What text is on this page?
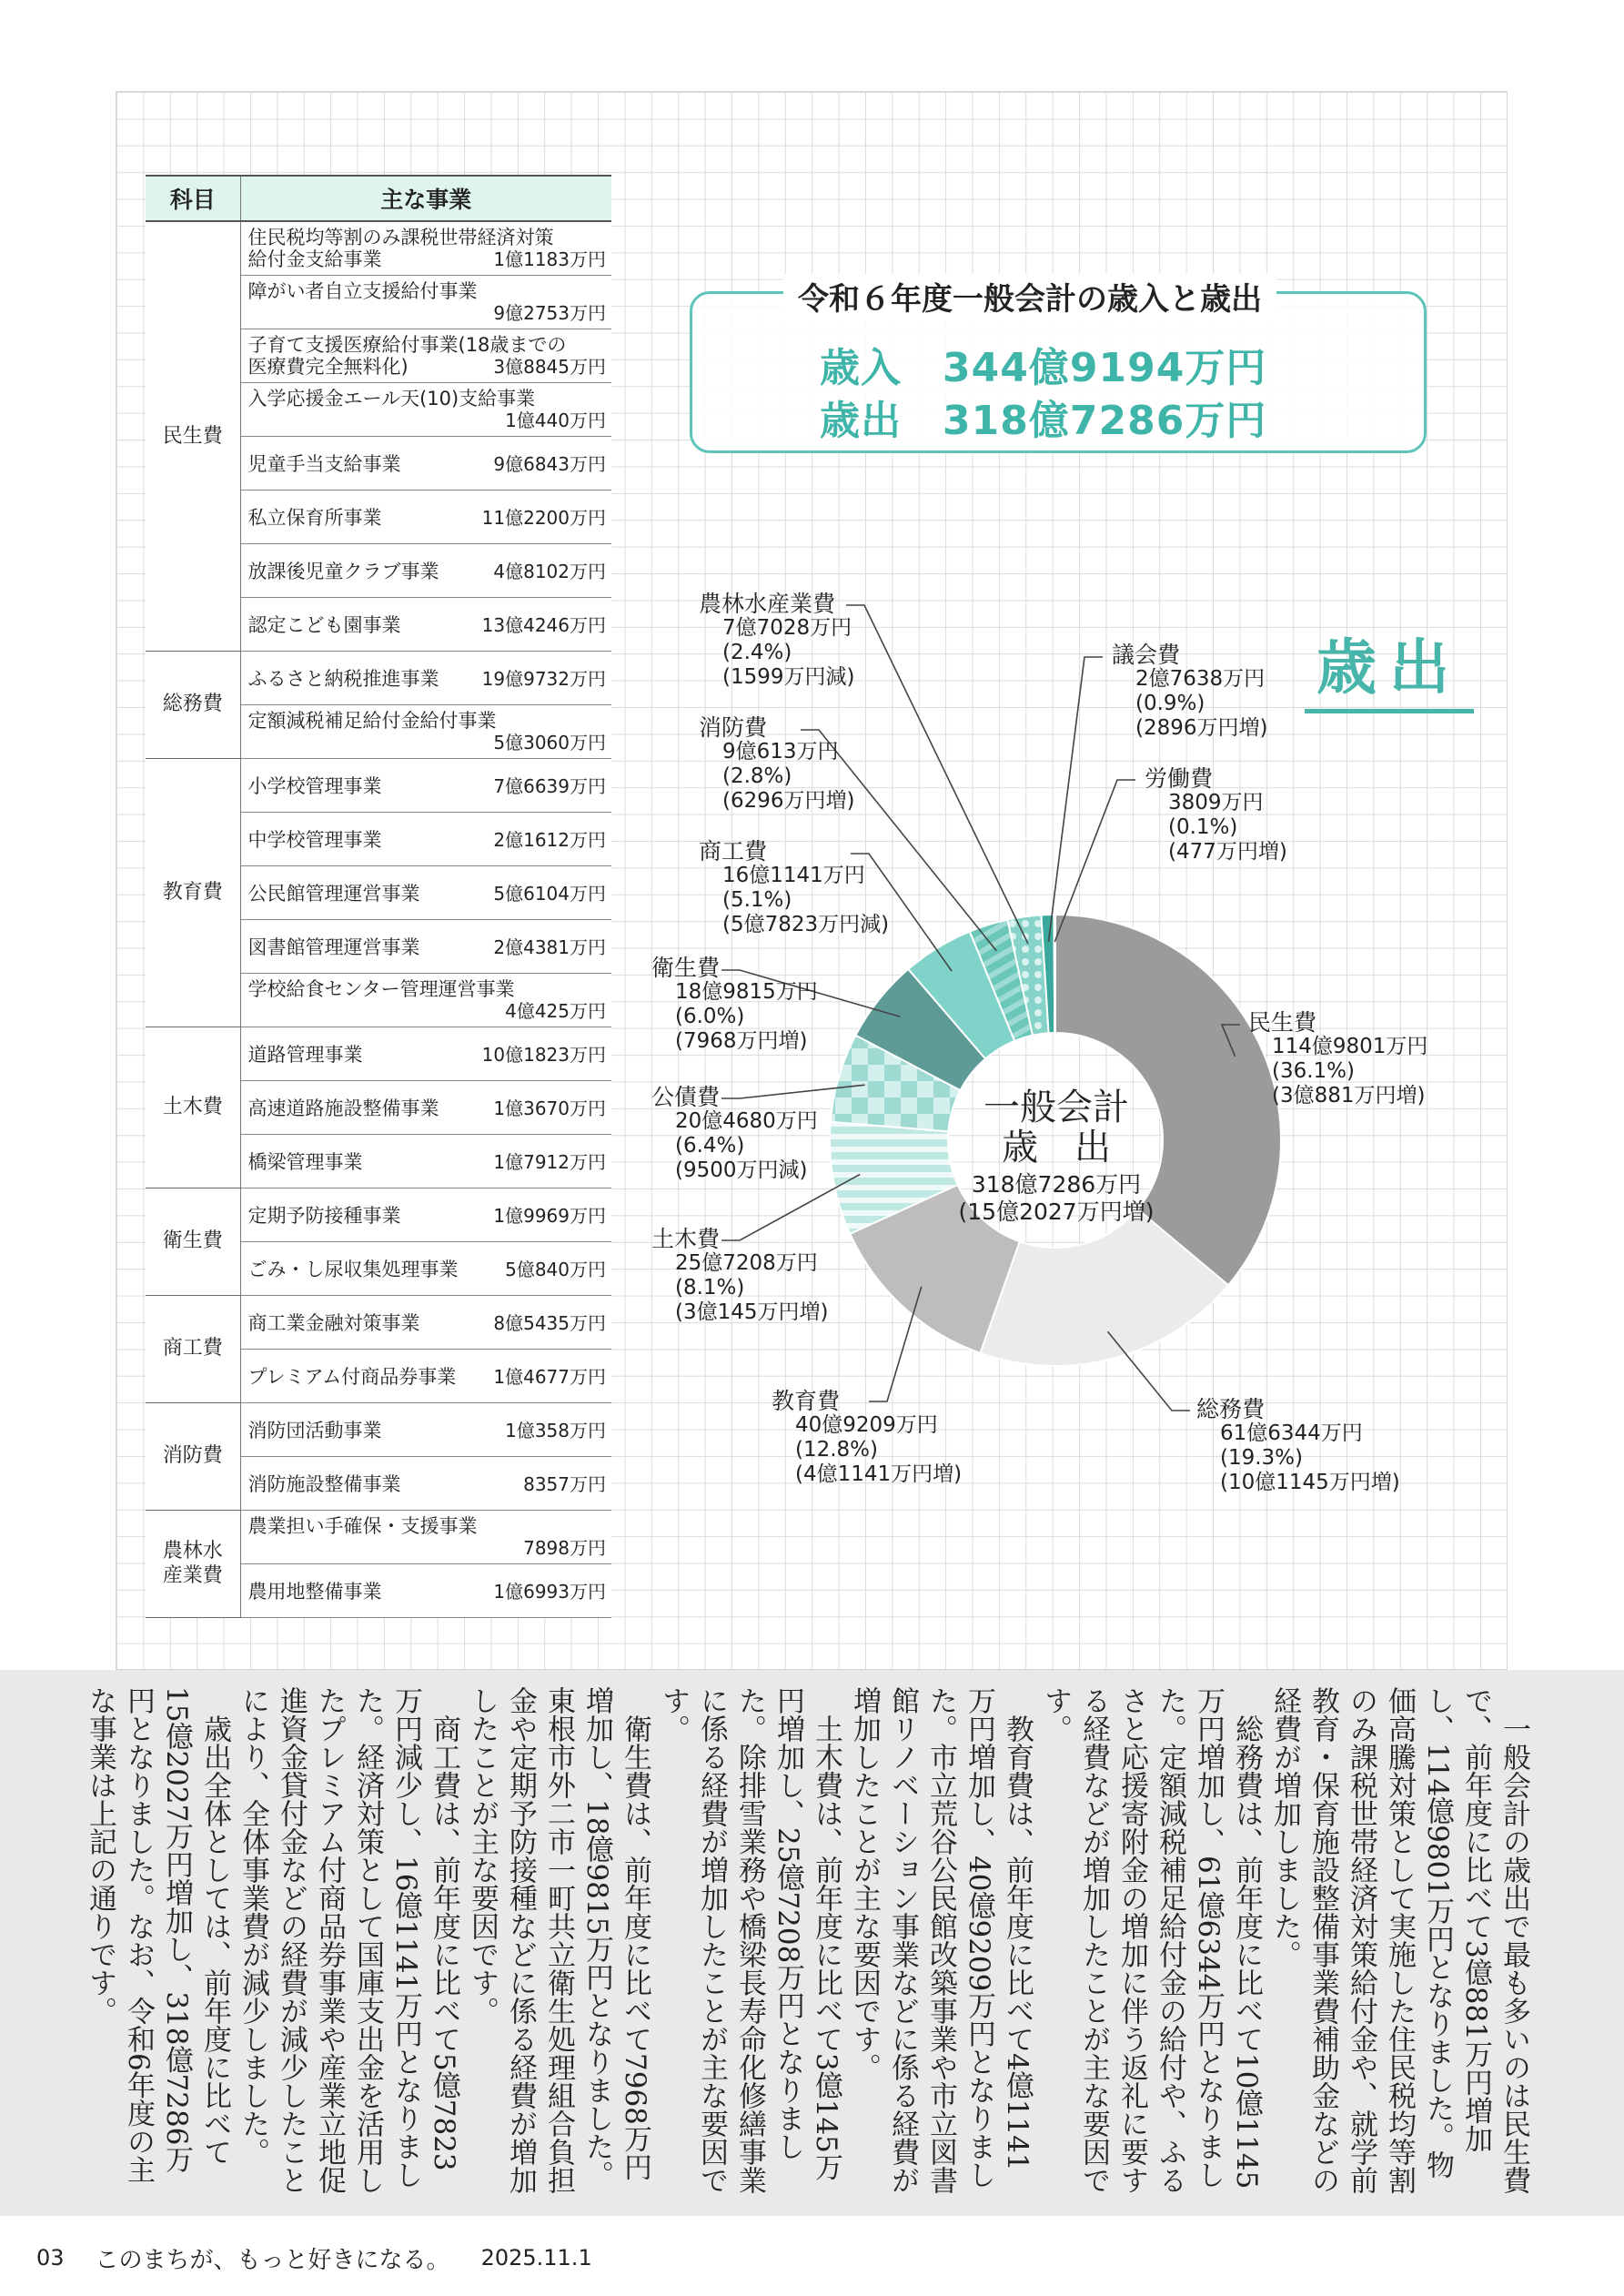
科目	主な事業
民生費	住民税均等割のみ課税世帯経済対策
給付金支給事業 1億1183万円

	障がい者自立支援給付事業
9億2753万円

	子育て支援医療給付事業(18歳までの
医療費完全無料化) 3億8845万円

	入学応援金エール天(10)支給事業
1億440万円

	児童手当支給事業 9億6843万円

	私立保育所事業 11億2200万円

	放課後児童クラブ事業 4億8102万円

	認定こども園事業 13億4246万円

総務費	ふるさと納税推進事業 19億9732万円

	定額減税補足給付金給付事業
5億3060万円

教育費	小学校管理事業 7億6639万円

	中学校管理事業 2億1612万円

	公民館管理運営事業 5億6104万円

	図書館管理運営事業 2億4381万円

	学校給食センター管理運営事業
4億425万円

土木費	道路管理事業 10億1823万円

	高速道路施設整備事業 1億3670万円

	橋梁管理事業 1億7912万円

衛生費	定期予防接種事業 1億9969万円

	ごみ・し尿収集処理事業 5億840万円

商工費	商工業金融対策事業 8億5435万円

	プレミアム付商品券事業 1億4677万円

消防費	消防団活動事業 1億358万円

	消防施設整備事業 8357万円

農林水産業費	農業担い手確保・支援事業
7898万円

	農用地整備事業 1億6993万円
令和６年度一般会計の歳入と歳出
歳入 344億9194万円
歳出 318億7286万円
歳出
一般会計
歳出
318億7286万円
(15億2027万円増)
民生費
114億9801万円
(36.1%)
(3億881万円増)
総務費
61億6344万円
(19.3%)
(10億1145万円増)
教育費
40億9209万円
(12.8%)
(4億1141万円増)
土木費
25億7208万円
(8.1%)
(3億145万円増)
公債費
20億4680万円
(6.4%)
(9500万円減)
衛生費
18億9815万円
(6.0%)
(7968万円増)
商工費
16億1141万円
(5.1%)
(5億7823万円減)
消防費
9億613万円
(2.8%)
(6296万円増)
農林水産業費
7億7028万円
(2.4%)
(1599万円減)
議会費
2億7638万円
(0.9%)
(2896万円増)
労働費
3809万円
(0.1%)
(477万円増)

一般会計の歳出で最も多いのは民生費で、前年度に比べて3億881万円増加し、114億9801万円となりました。物価高騰対策として実施した住民税均等割のみ課税世帯経済対策給付金や、就学前教育・保育施設整備事業費補助金などの経費が増加しました。

総務費は、前年度に比べて10億1145万円増加し、61億6344万円となりました。定額減税補足給付金の給付や、ふるさと応援寄附金の増加に伴う返礼に要する経費などが増加したことが主な要因です。

教育費は、前年度に比べて4億1141万円増加し、40億9209万円となりました。市立荒谷公民館改築事業や市立図書館リノベーション事業などに係る経費が増加したことが主な要因です。

土木費は、前年度に比べて3億145万円増加し、25億7208万円となりました。除排雪業務や橋梁長寿命化修繕事業に係る経費が増加したことが主な要因です。

衛生費は、前年度に比べて7968万円増加し、18億9815万円となりました。東根市外二市一町共立衛生処理組合負担金や定期予防接種などに係る経費が増加したことが主な要因です。

商工費は、前年度に比べて5億7823万円減少し、16億1141万円となりました。経済対策として国庫支出金を活用したプレミアム付商品券事業や産業立地促進資金貸付金などの経費が減少したことにより、全体事業費が減少しました。

歳出全体としては、前年度に比べて15億2027万円増加し、318億7286万円となりました。なお、令和6年度の主な事業は上記の通りです。

03 このまちが、もっと好きになる。 2025.11.1
